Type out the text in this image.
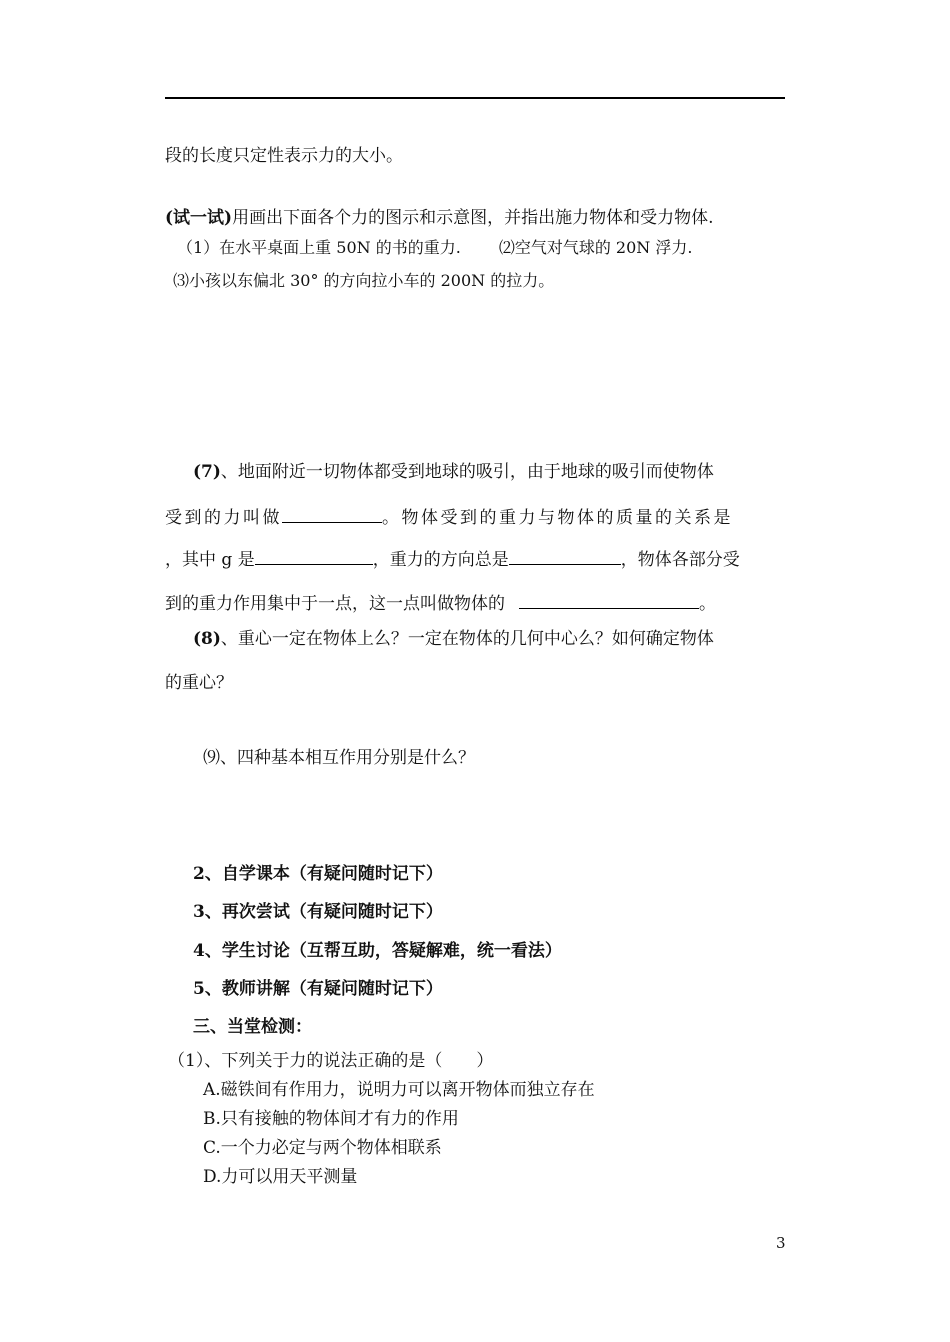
段的长度只定性表示力的大小。
(试一试)用画出下面各个力的图示和示意图，并指出施力物体和受力物体.
（1）在水平桌面上重 50N 的书的重力. ⑵空气对气球的 20N 浮力.
⑶小孩以东偏北 30° 的方向拉小车的 200N 的拉力。
(7)、地面附近一切物体都受到地球的吸引，由于地球的吸引而使物体
受到的力叫做	。物体受到的重力与物体的质量的关系是
，其中 g 是	，重力的方向总是	，物体各部分受
到的重力作用集中于一点，这一点叫做物体的	。
(8)、重心一定在物体上么？一定在物体的几何中心么？如何确定物体
的重心？
⑼、四种基本相互作用分别是什么？
2、自学课本（有疑问随时记下）
3、再次尝试（有疑问随时记下）
4、学生讨论（互帮互助，答疑解难，统一看法）
5、教师讲解（有疑问随时记下）
三、当堂检测：
（1）、下列关于力的说法正确的是（　　）
A.磁铁间有作用力，说明力可以离开物体而独立存在
B.只有接触的物体间才有力的作用
C.一个力必定与两个物体相联系
D.力可以用天平测量
3
